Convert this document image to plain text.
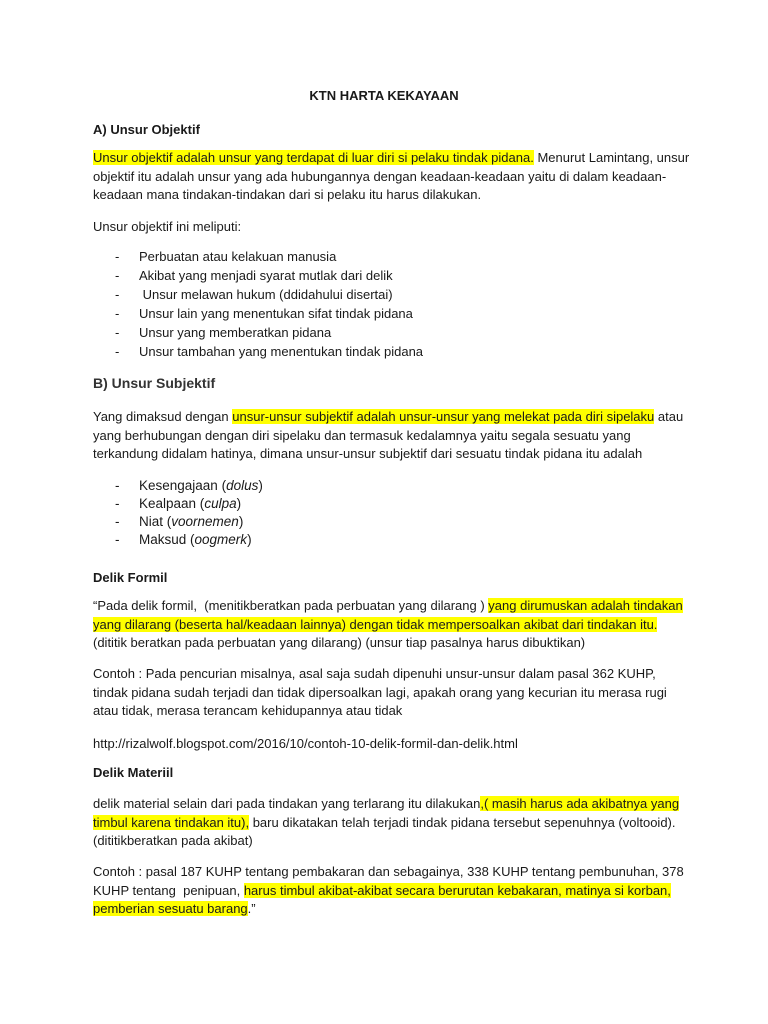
KTN HARTA KEKAYAAN
A) Unsur Objektif

Unsur objektif adalah unsur yang terdapat di luar diri si pelaku tindak pidana. Menurut Lamintang, unsur objektif itu adalah unsur yang ada hubungannya dengan keadaan-keadaan yaitu di dalam keadaan-keadaan mana tindakan-tindakan dari si pelaku itu harus dilakukan.

Unsur objektif ini meliputi:

- Perbuatan atau kelakuan manusia
- Akibat yang menjadi syarat mutlak dari delik
-  Unsur melawan hukum (ddidahului disertai)
- Unsur lain yang menentukan sifat tindak pidana
- Unsur yang memberatkan pidana
- Unsur tambahan yang menentukan tindak pidana
B) Unsur Subjektif

Yang dimaksud dengan unsur-unsur subjektif adalah unsur-unsur yang melekat pada diri sipelaku atau yang berhubungan dengan diri sipelaku dan termasuk kedalamnya yaitu segala sesuatu yang terkandung didalam hatinya, dimana unsur-unsur subjektif dari sesuatu tindak pidana itu adalah

- Kesengajaan (dolus)
- Kealpaan (culpa)
- Niat (voornemen)
- Maksud (oogmerk)
Delik Formil

“Pada delik formil,  (menitikberatkan pada perbuatan yang dilarang ) yang dirumuskan adalah tindakan yang dilarang (beserta hal/keadaan lainnya) dengan tidak mempersoalkan akibat dari tindakan itu. (dititik beratkan pada perbuatan yang dilarang) (unsur tiap pasalnya harus dibuktikan)

Contoh : Pada pencurian misalnya, asal saja sudah dipenuhi unsur-unsur dalam pasal 362 KUHP, tindak pidana sudah terjadi dan tidak dipersoalkan lagi, apakah orang yang kecurian itu merasa rugi atau tidak, merasa terancam kehidupannya atau tidak

http://rizalwolf.blogspot.com/2016/10/contoh-10-delik-formil-dan-delik.html

Delik Materiil

delik material selain dari pada tindakan yang terlarang itu dilakukan,( masih harus ada akibatnya yang timbul karena tindakan itu), baru dikatakan telah terjadi tindak pidana tersebut sepenuhnya (voltooid). (dititikberatkan pada akibat)

Contoh : pasal 187 KUHP tentang pembakaran dan sebagainya, 338 KUHP tentang pembunuhan, 378 KUHP tentang  penipuan, harus timbul akibat-akibat secara berurutan kebakaran, matinya si korban, pemberian sesuatu barang.”
